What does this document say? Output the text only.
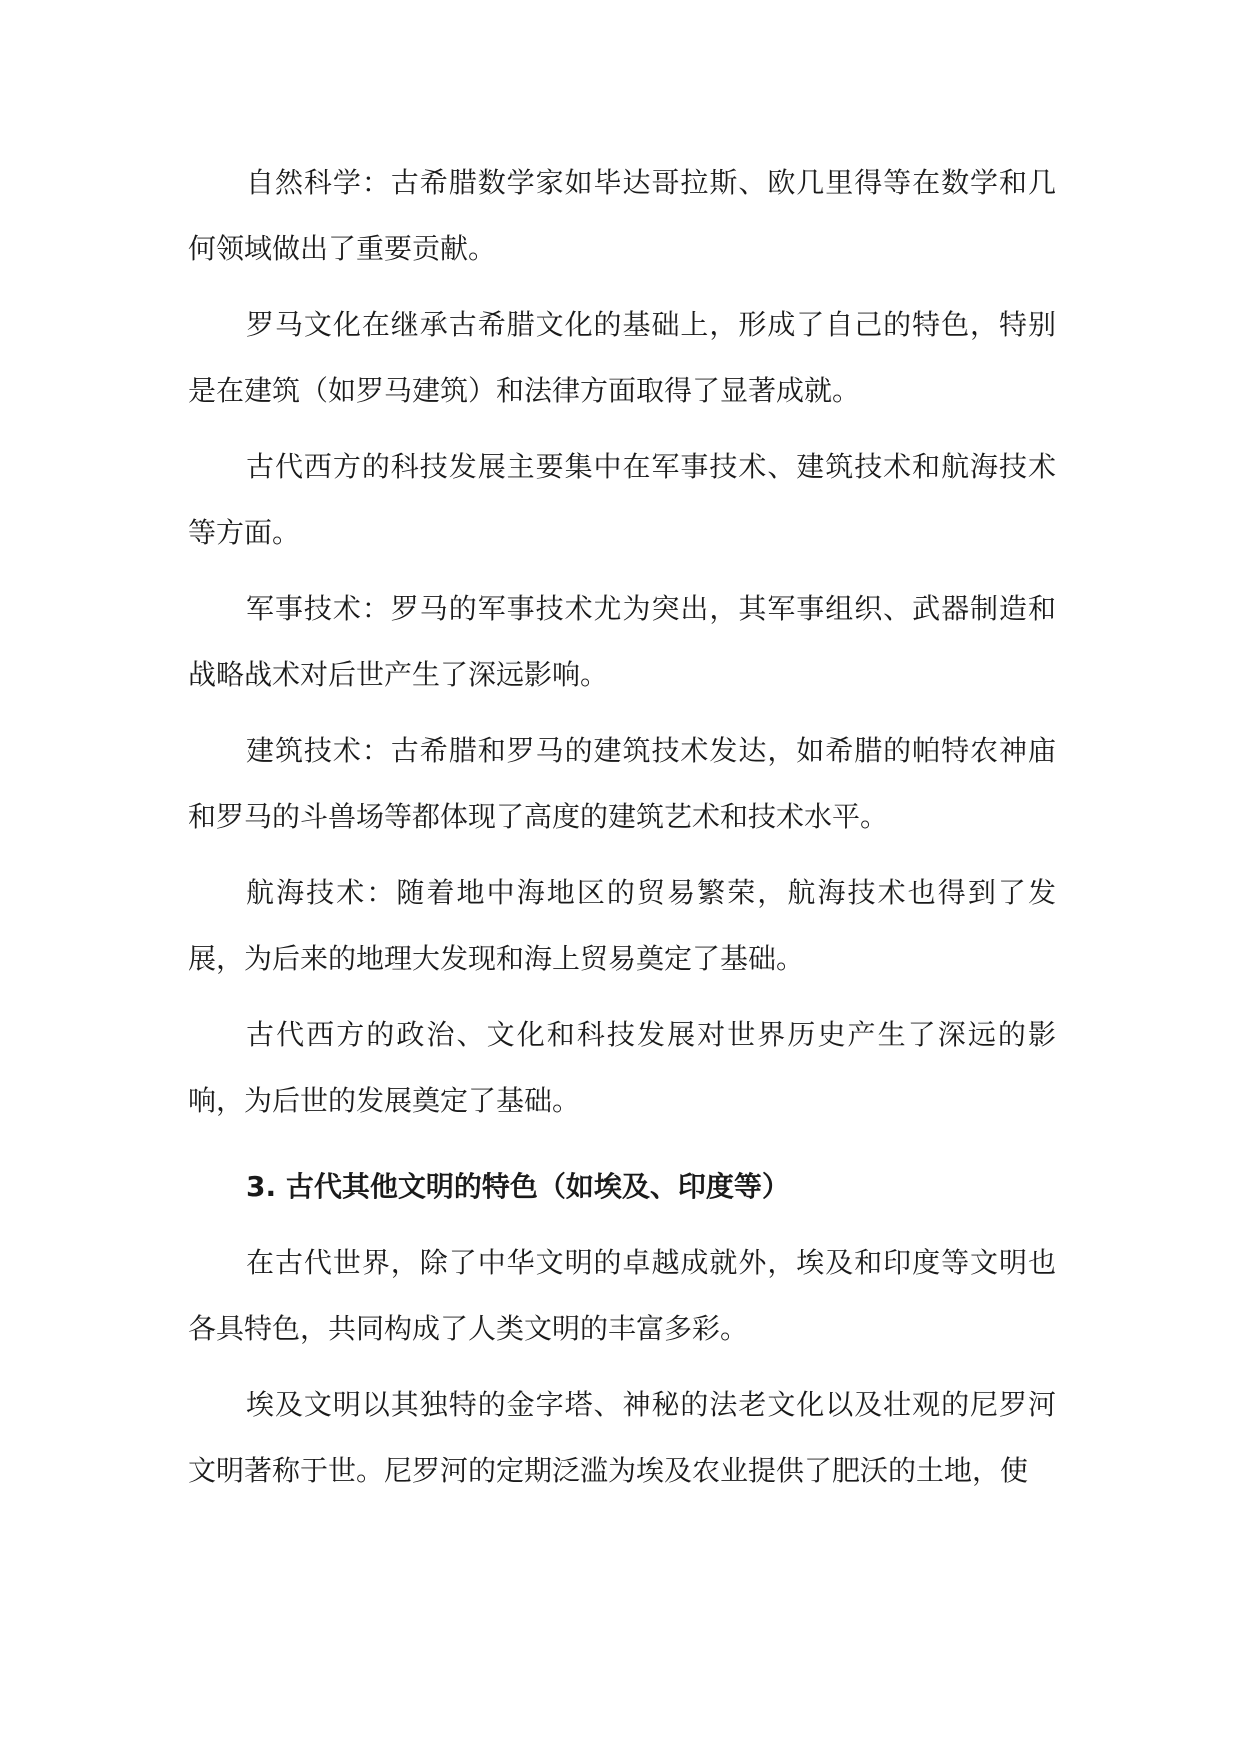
自然科学：古希腊数学家如毕达哥拉斯、欧几里得等在数学和几何领域做出了重要贡献。

罗马文化在继承古希腊文化的基础上，形成了自己的特色，特别是在建筑（如罗马建筑）和法律方面取得了显著成就。

古代西方的科技发展主要集中在军事技术、建筑技术和航海技术等方面。

军事技术：罗马的军事技术尤为突出，其军事组织、武器制造和战略战术对后世产生了深远影响。

建筑技术：古希腊和罗马的建筑技术发达，如希腊的帕特农神庙和罗马的斗兽场等都体现了高度的建筑艺术和技术水平。

航海技术：随着地中海地区的贸易繁荣，航海技术也得到了发展，为后来的地理大发现和海上贸易奠定了基础。

古代西方的政治、文化和科技发展对世界历史产生了深远的影响，为后世的发展奠定了基础。

3. 古代其他文明的特色（如埃及、印度等）

在古代世界，除了中华文明的卓越成就外，埃及和印度等文明也各具特色，共同构成了人类文明的丰富多彩。

埃及文明以其独特的金字塔、神秘的法老文化以及壮观的尼罗河文明著称于世。尼罗河的定期泛滥为埃及农业提供了肥沃的土地，使
